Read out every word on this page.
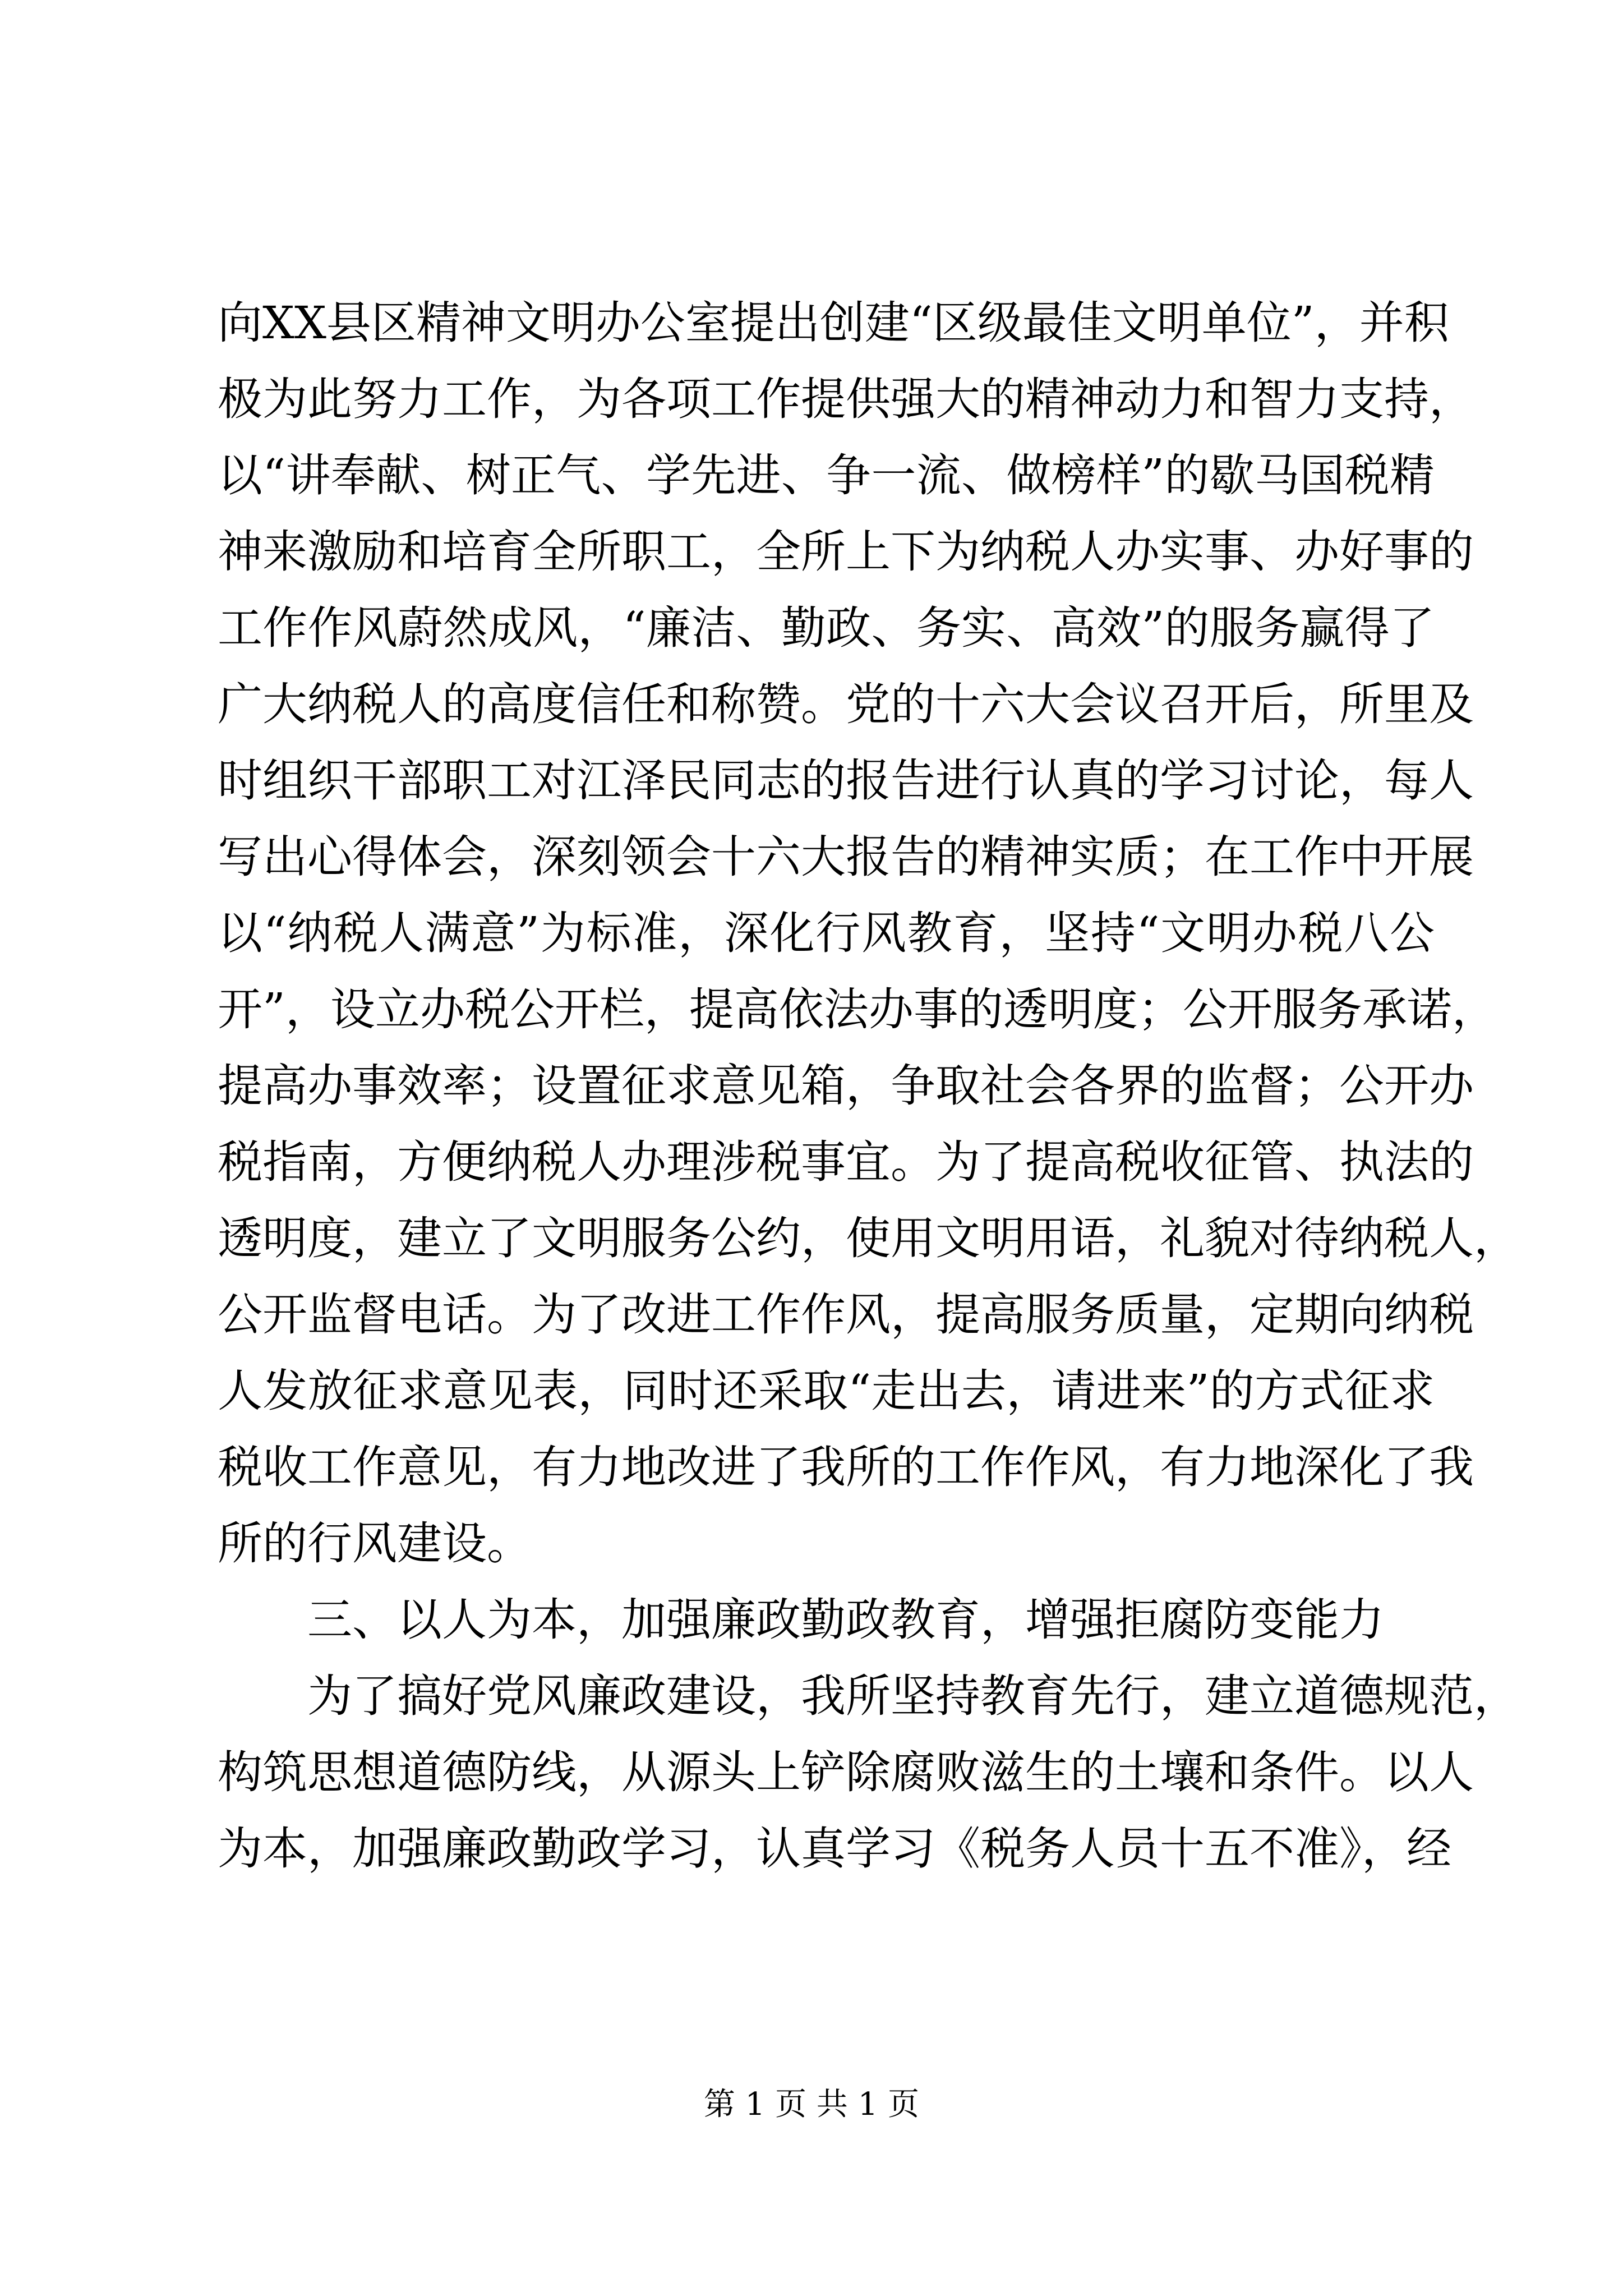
向XX县区精神文明办公室提出创建“区级最佳文明单位”，并积
极为此努力工作，为各项工作提供强大的精神动力和智力支持，
以“讲奉献、树正气、学先进、争一流、做榜样”的歇马国税精
神来激励和培育全所职工，全所上下为纳税人办实事、办好事的
工作作风蔚然成风，“廉洁、勤政、务实、高效”的服务赢得了
广大纳税人的高度信任和称赞。党的十六大会议召开后，所里及
时组织干部职工对江泽民同志的报告进行认真的学习讨论，每人
写出心得体会，深刻领会十六大报告的精神实质；在工作中开展
以“纳税人满意”为标准，深化行风教育，坚持“文明办税八公
开”，设立办税公开栏，提高依法办事的透明度；公开服务承诺，
提高办事效率；设置征求意见箱，争取社会各界的监督；公开办
税指南，方便纳税人办理涉税事宜。为了提高税收征管、执法的
透明度，建立了文明服务公约，使用文明用语，礼貌对待纳税人，
公开监督电话。为了改进工作作风，提高服务质量，定期向纳税
人发放征求意见表，同时还采取“走出去，请进来”的方式征求
税收工作意见，有力地改进了我所的工作作风，有力地深化了我
所的行风建设。
三、以人为本，加强廉政勤政教育，增强拒腐防变能力
为了搞好党风廉政建设，我所坚持教育先行，建立道德规范，
构筑思想道德防线，从源头上铲除腐败滋生的土壤和条件。以人
为本，加强廉政勤政学习，认真学习《税务人员十五不准》，经
第 1 页 共 1 页
